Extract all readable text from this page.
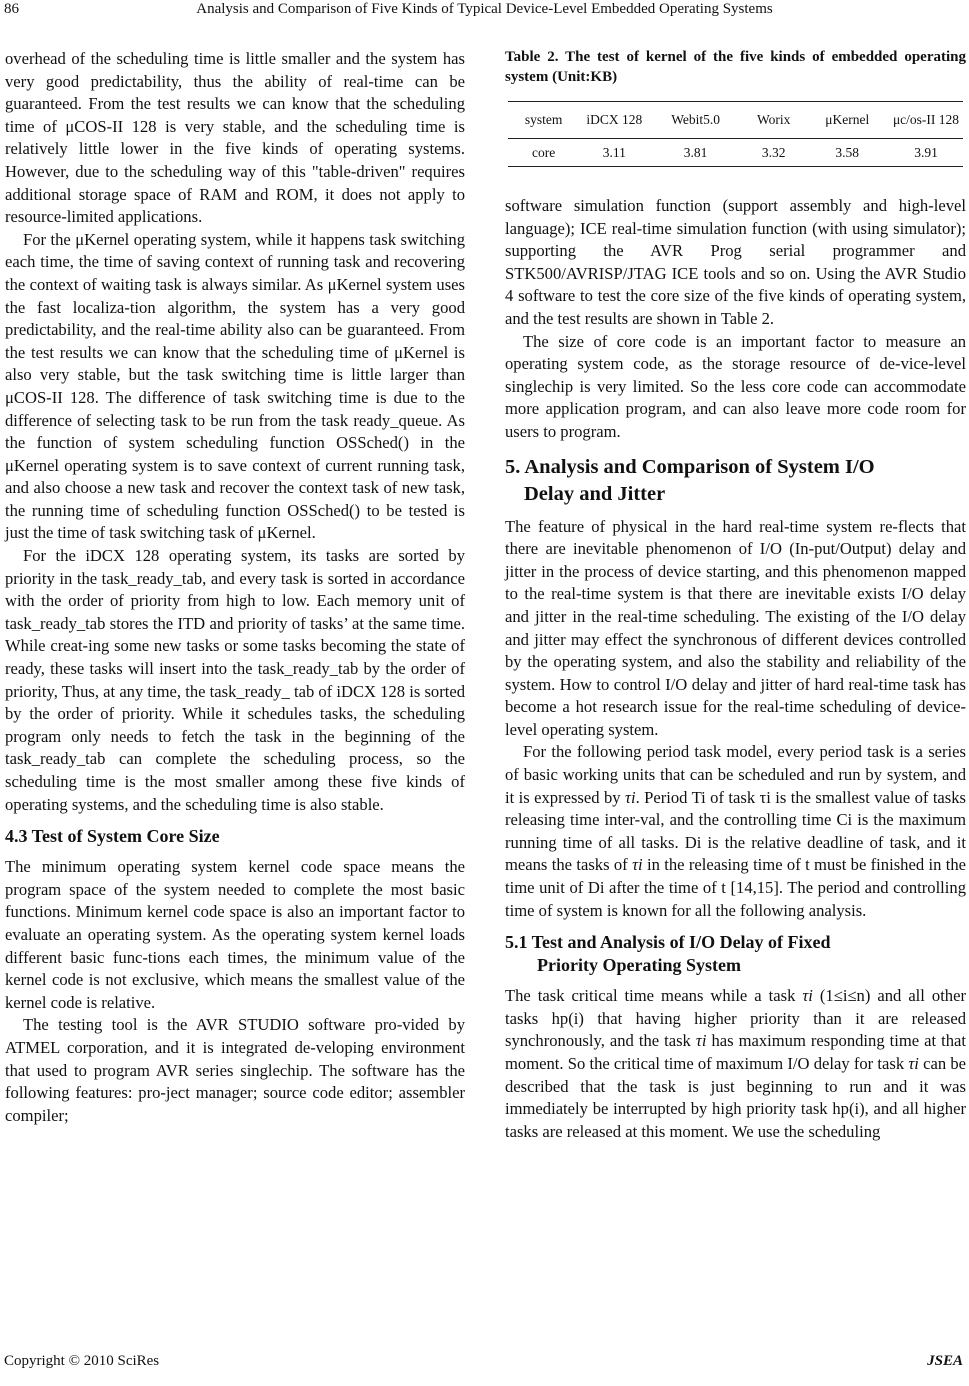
86	Analysis and Comparison of Five Kinds of Typical Device-Level Embedded Operating Systems

overhead of the scheduling time is little smaller and the system has very good predictability, thus the ability of real-time can be guaranteed. From the test results we can know that the scheduling time of μCOS-II 128 is very stable, and the scheduling time is relatively little lower in the five kinds of operating systems. However, due to the scheduling way of this "table-driven" requires additional storage space of RAM and ROM, it does not apply to resource-limited applications.

For the μKernel operating system, while it happens task switching each time, the time of saving context of running task and recovering the context of waiting task is always similar. As μKernel system uses the fast localiza-tion algorithm, the system has a very good predictability, and the real-time ability also can be guaranteed. From the test results we can know that the scheduling time of μKernel is also very stable, but the task switching time is little larger than μCOS-II 128. The difference of task switching time is due to the difference of selecting task to be run from the task ready_queue. As the function of system scheduling function OSSched() in the μKernel operating system is to save context of current running task, and also choose a new task and recover the context task of new task, the running time of scheduling function OSSched() to be tested is just the time of task switching task of μKernel.

For the iDCX 128 operating system, its tasks are sorted by priority in the task_ready_tab, and every task is sorted in accordance with the order of priority from high to low. Each memory unit of task_ready_tab stores the ITD and priority of tasks’ at the same time. While creat-ing some new tasks or some tasks becoming the state of ready, these tasks will insert into the task_ready_tab by the order of priority, Thus, at any time, the task_ready_ tab of iDCX 128 is sorted by the order of priority. While it schedules tasks, the scheduling program only needs to fetch the task in the beginning of the task_ready_tab can complete the scheduling process, so the scheduling time is the most smaller among these five kinds of operating systems, and the scheduling time is also stable.

4.3 Test of System Core Size

The minimum operating system kernel code space means the program space of the system needed to complete the most basic functions. Minimum kernel code space is also an important factor to evaluate an operating system. As the operating system kernel loads different basic func-tions each times, the minimum value of the kernel code is not exclusive, which means the smallest value of the kernel code is relative.

The testing tool is the AVR STUDIO software pro-vided by ATMEL corporation, and it is integrated de-veloping environment that used to program AVR series singlechip. The software has the following features: pro-ject manager; source code editor; assembler compiler;

Table 2. The test of kernel of the five kinds of embedded operating system (Unit:KB)
system	iDCX 128	Webit5.0	Worix	μKernel	μc/os-II 128
core	3.11	3.81	3.32	3.58	3.91

software simulation function (support assembly and high-level language); ICE real-time simulation function (with using simulator); supporting the AVR Prog serial programmer and STK500/AVRISP/JTAG ICE tools and so on. Using the AVR Studio 4 software to test the core size of the five kinds of operating system, and the test results are shown in Table 2.

The size of core code is an important factor to measure an operating system code, as the storage resource of de-vice-level singlechip is very limited. So the less core code can accommodate more application program, and can also leave more code room for users to program.

5. Analysis and Comparison of System I/O
Delay and Jitter

The feature of physical in the hard real-time system re-flects that there are inevitable phenomenon of I/O (In-put/Output) delay and jitter in the process of device starting, and this phenomenon mapped to the real-time system is that there are inevitable exists I/O delay and jitter in the real-time scheduling. The existing of the I/O delay and jitter may effect the synchronous of different devices controlled by the operating system, and also the stability and reliability of the system. How to control I/O delay and jitter of hard real-time task has become a hot research issue for the real-time scheduling of device-level operating system.

For the following period task model, every period task is a series of basic working units that can be scheduled and run by system, and it is expressed by τi. Period Ti of task τi is the smallest value of tasks releasing time inter-val, and the controlling time Ci is the maximum running time of all tasks. Di is the relative deadline of task, and it means the tasks of τi in the releasing time of t must be finished in the time unit of Di after the time of t [14,15]. The period and controlling time of system is known for all the following analysis.

5.1 Test and Analysis of I/O Delay of Fixed
Priority Operating System

The task critical time means while a task τi (1≤i≤n) and all other tasks hp(i) that having higher priority than it are released synchronously, and the task τi has maximum responding time at that moment. So the critical time of maximum I/O delay for task τi can be described that the task is just beginning to run and it was immediately be interrupted by high priority task hp(i), and all higher tasks are released at this moment. We use the scheduling

Copyright © 2010 SciRes	JSEA
